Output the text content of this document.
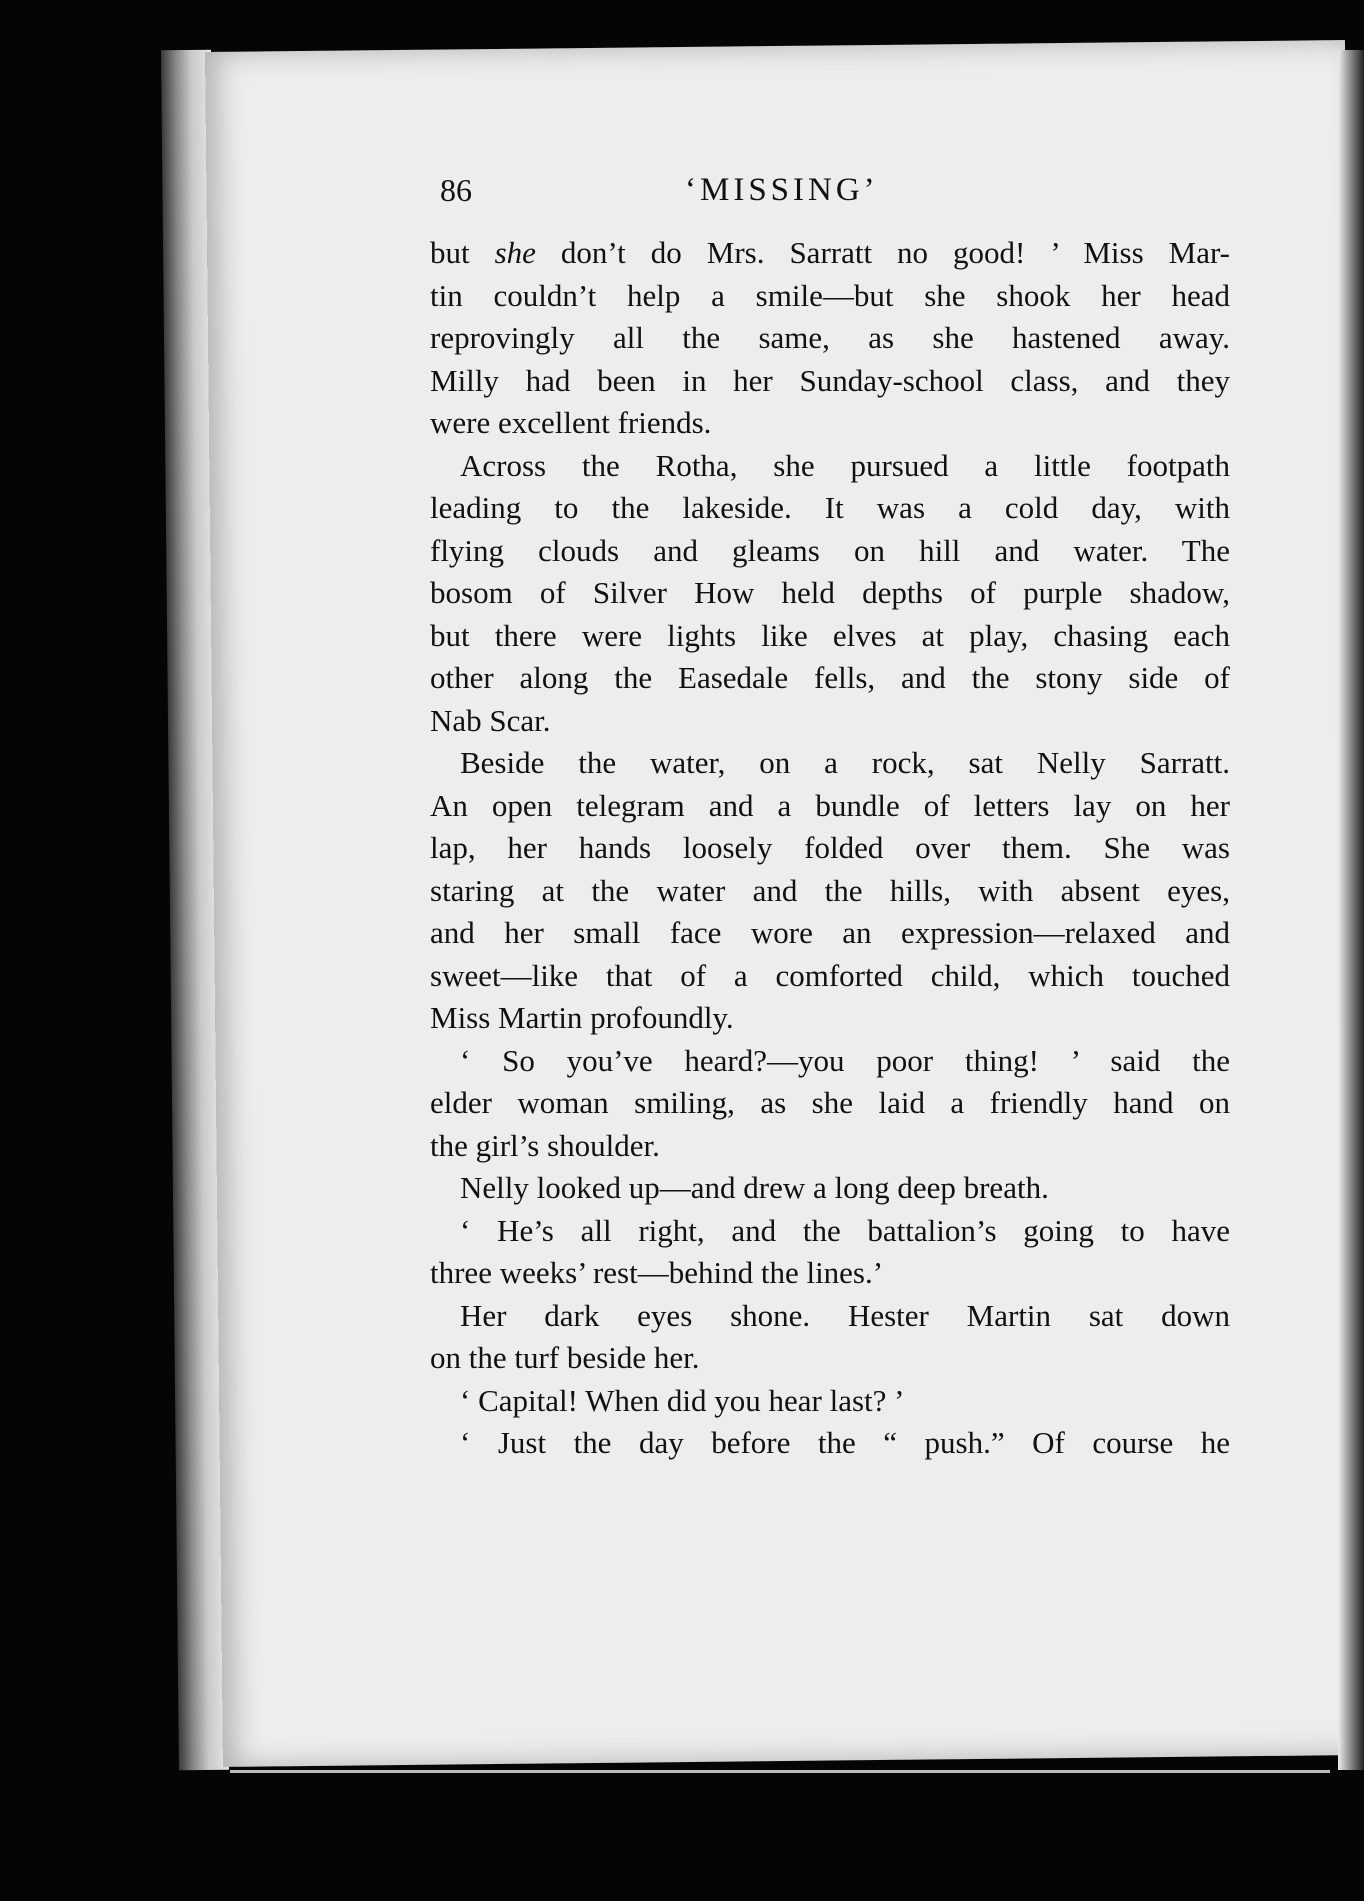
86	‘MISSING’
but she don’t do Mrs. Sarratt no good! ’ Miss Mar-
tin couldn’t help a smile—but she shook her head
reprovingly all the same, as she hastened away.
Milly had been in her Sunday-school class, and they
were excellent friends.
Across the Rotha, she pursued a little footpath
leading to the lakeside. It was a cold day, with
flying clouds and gleams on hill and water. The
bosom of Silver How held depths of purple shadow,
but there were lights like elves at play, chasing each
other along the Easedale fells, and the stony side of
Nab Scar.
Beside the water, on a rock, sat Nelly Sarratt.
An open telegram and a bundle of letters lay on her
lap, her hands loosely folded over them. She was
staring at the water and the hills, with absent eyes,
and her small face wore an expression—relaxed and
sweet—like that of a comforted child, which touched
Miss Martin profoundly.
‘ So you’ve heard?—you poor thing! ’ said the
elder woman smiling, as she laid a friendly hand on
the girl’s shoulder.
Nelly looked up—and drew a long deep breath.
‘ He’s all right, and the battalion’s going to have
three weeks’ rest—behind the lines.’
Her dark eyes shone. Hester Martin sat down
on the turf beside her.
‘ Capital! When did you hear last? ’
‘ Just the day before the “ push.” Of course he
